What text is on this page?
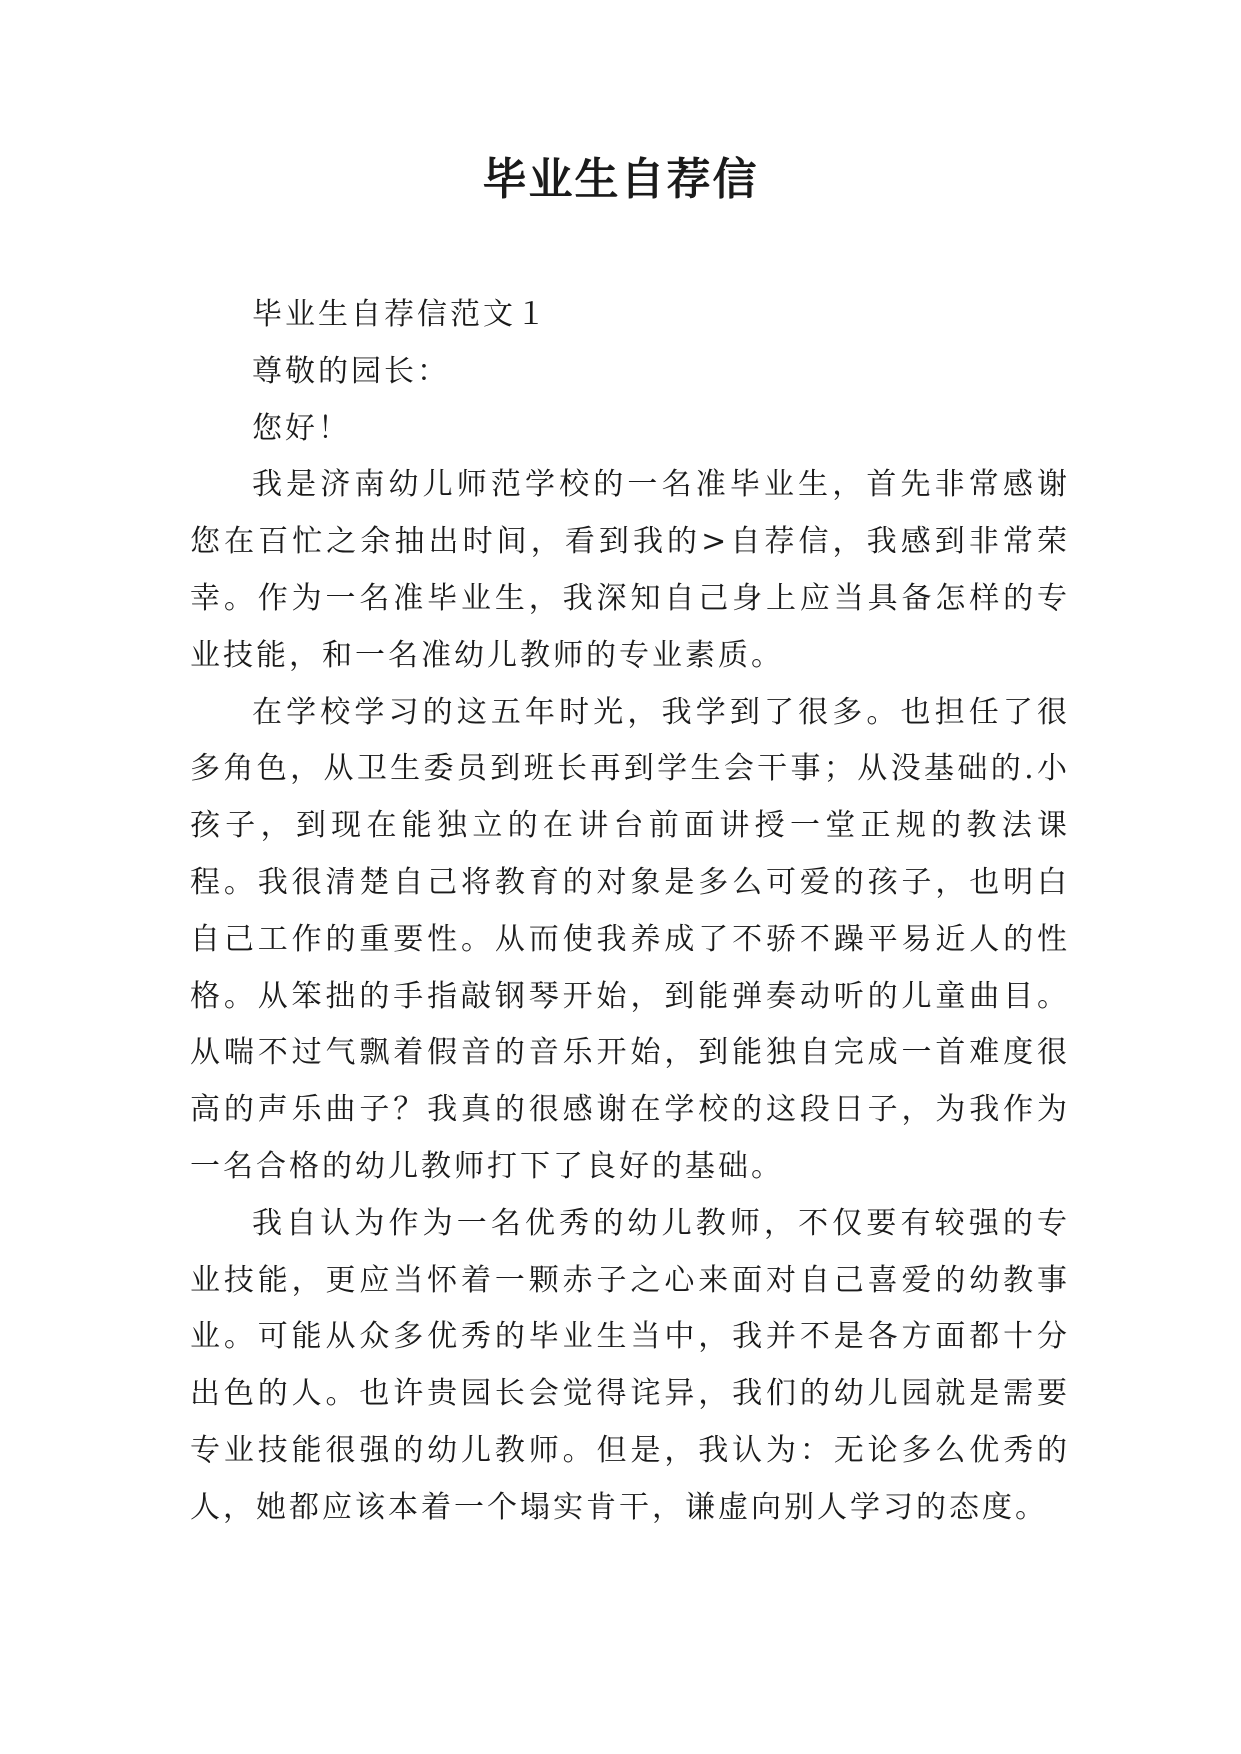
毕业生自荐信

毕业生自荐信范文１

尊敬的园长：

您好！

我是济南幼儿师范学校的一名准毕业生，首先非常感谢您在百忙之余抽出时间，看到我的>自荐信，我感到非常荣幸。作为一名准毕业生，我深知自己身上应当具备怎样的专业技能，和一名准幼儿教师的专业素质。

在学校学习的这五年时光，我学到了很多。也担任了很多角色，从卫生委员到班长再到学生会干事；从没基础的.小孩子，到现在能独立的在讲台前面讲授一堂正规的教法课程。我很清楚自己将教育的对象是多么可爱的孩子，也明白自己工作的重要性。从而使我养成了不骄不躁平易近人的性格。从笨拙的手指敲钢琴开始，到能弹奏动听的儿童曲目。从喘不过气飘着假音的音乐开始，到能独自完成一首难度很高的声乐曲子？我真的很感谢在学校的这段日子，为我作为一名合格的幼儿教师打下了良好的基础。

我自认为作为一名优秀的幼儿教师，不仅要有较强的专业技能，更应当怀着一颗赤子之心来面对自己喜爱的幼教事业。可能从众多优秀的毕业生当中，我并不是各方面都十分出色的人。也许贵园长会觉得诧异，我们的幼儿园就是需要专业技能很强的幼儿教师。但是，我认为：无论多么优秀的人，她都应该本着一个塌实肯干，谦虚向别人学习的态度。
